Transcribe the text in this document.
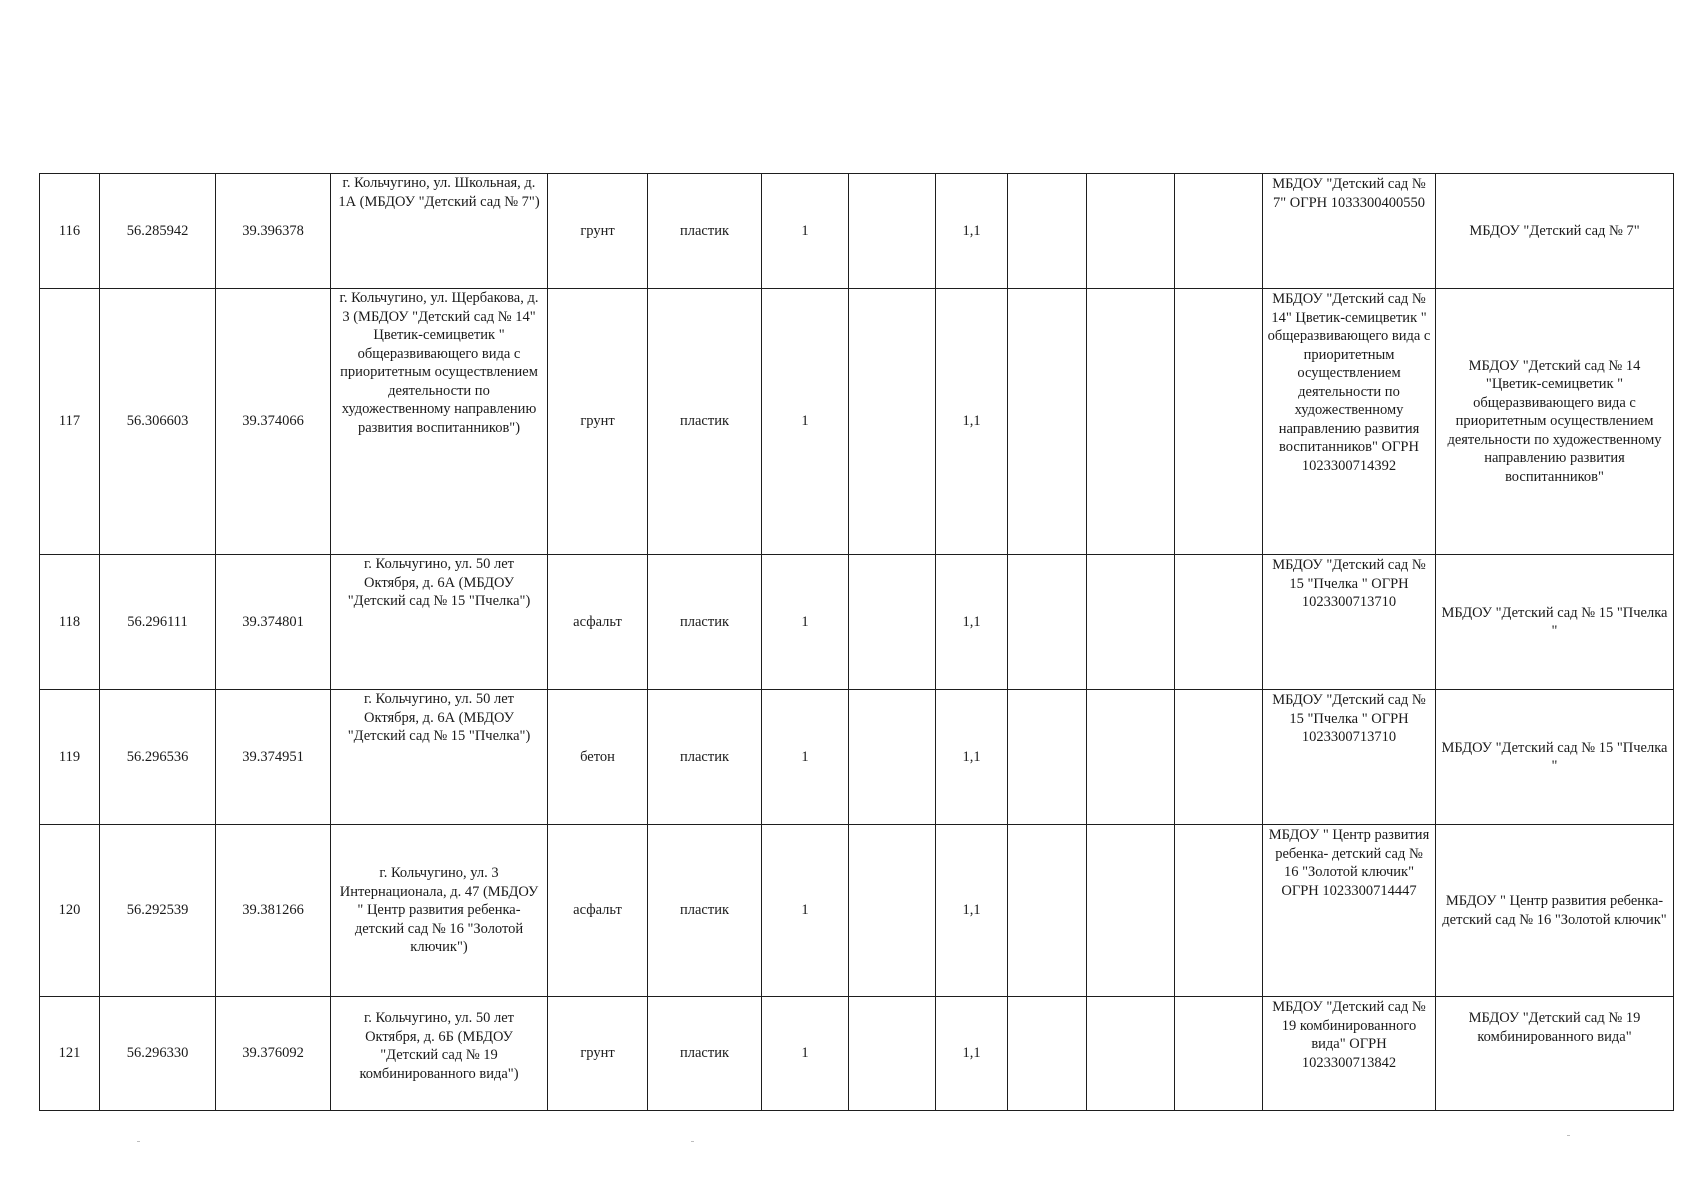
116	56.285942	39.396378	г. Кольчугино, ул. Школьная, д. 1А (МБДОУ "Детский сад № 7")	грунт	пластик	1		1,1				МБДОУ "Детский сад № 7" ОГРН 1033300400550	МБДОУ "Детский сад № 7"
117	56.306603	39.374066	г. Кольчугино, ул. Щербакова, д. 3 (МБДОУ "Детский сад № 14" Цветик-семицветик " общеразвивающего вида с приоритетным осуществлением деятельности по художественному направлению развития воспитанников")	грунт	пластик	1		1,1				МБДОУ "Детский сад № 14" Цветик-семицветик " общеразвивающего вида с приоритетным осуществлением деятельности по художественному направлению развития воспитанников" ОГРН 1023300714392	МБДОУ "Детский сад № 14 "Цветик-семицветик " общеразвивающего вида с приоритетным осуществлением деятельности по художественному направлению развития воспитанников"
118	56.296111	39.374801	г. Кольчугино, ул. 50 лет Октября, д. 6А (МБДОУ "Детский сад № 15 "Пчелка")	асфальт	пластик	1		1,1				МБДОУ "Детский сад № 15 "Пчелка " ОГРН 1023300713710	МБДОУ "Детский сад № 15 "Пчелка "
119	56.296536	39.374951	г. Кольчугино, ул. 50 лет Октября, д. 6А (МБДОУ "Детский сад № 15 "Пчелка")	бетон	пластик	1		1,1				МБДОУ "Детский сад № 15 "Пчелка " ОГРН 1023300713710	МБДОУ "Детский сад № 15 "Пчелка "
120	56.292539	39.381266	г. Кольчугино, ул. 3 Интернационала, д. 47 (МБДОУ " Центр развития ребенка- детский сад № 16 "Золотой ключик")	асфальт	пластик	1		1,1				МБДОУ " Центр развития ребенка- детский сад № 16 "Золотой ключик" ОГРН 1023300714447	МБДОУ " Центр развития ребенка- детский сад № 16 "Золотой ключик"
121	56.296330	39.376092	г. Кольчугино, ул. 50 лет Октября, д. 6Б (МБДОУ "Детский сад № 19 комбинированного вида")	грунт	пластик	1		1,1				МБДОУ "Детский сад № 19 комбинированного вида" ОГРН 1023300713842	МБДОУ "Детский сад № 19 комбинированного вида"
